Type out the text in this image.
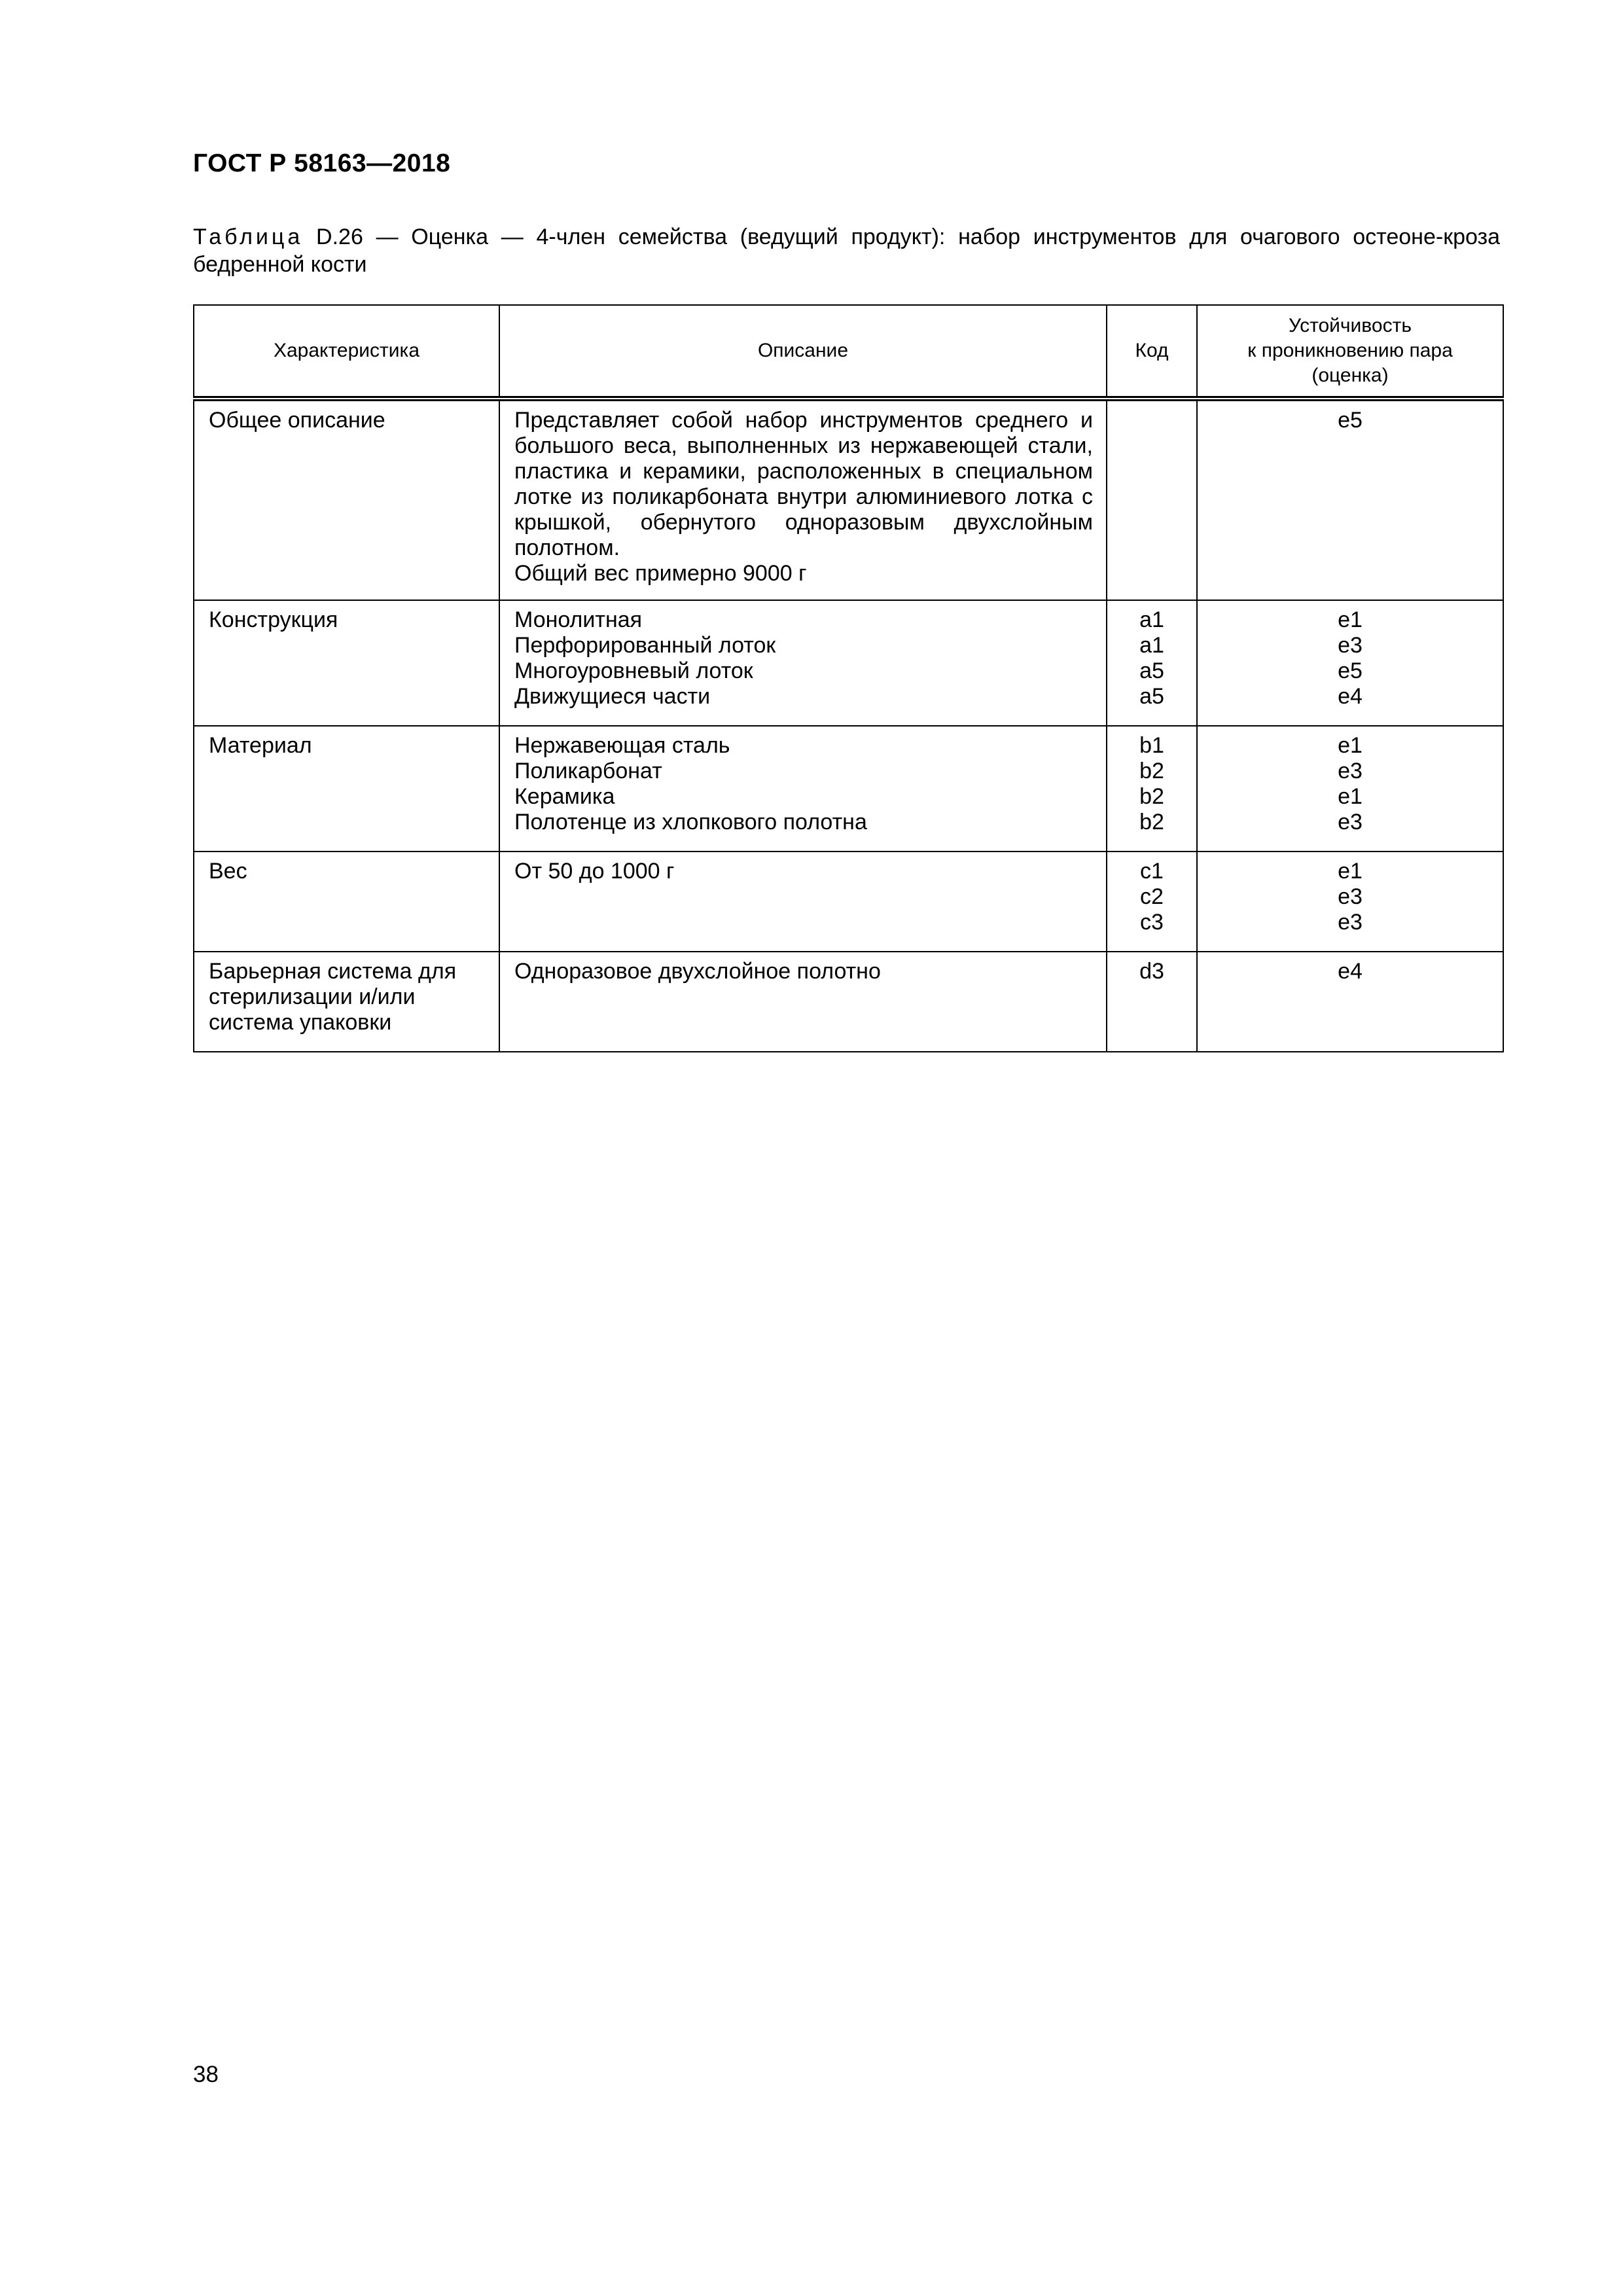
ГОСТ Р 58163—2018

Таблица D.26 — Оценка — 4-член семейства (ведущий продукт): набор инструментов для очагового остеоне-кроза бедренной кости

Характеристика	Описание	Код	Устойчивость
к проникновению пара
(оценка)

Общее описание	Представляет собой набор инструментов среднего и большого веса, выполненных из нержавеющей стали, пластика и керамики, расположенных в специальном лотке из поликарбоната внутри алюминиевого лотка с крышкой, обернутого одноразовым двухслойным полотном.
Общий вес примерно 9000 г		e5

Конструкция	Монолитная
Перфорированный лоток
Многоуровневый лоток
Движущиеся части	a1
a1
a5
a5	e1
e3
e5
e4

Материал	Нержавеющая сталь
Поликарбонат
Керамика
Полотенце из хлопкового полотна	b1
b2
b2
b2	e1
e3
e1
e3

Вес	От 50 до 1000 г	c1
c2
c3	e1
e3
e3

Барьерная система для
стерилизации и/или
система упаковки	Одноразовое двухслойное полотно	d3	e4

38
